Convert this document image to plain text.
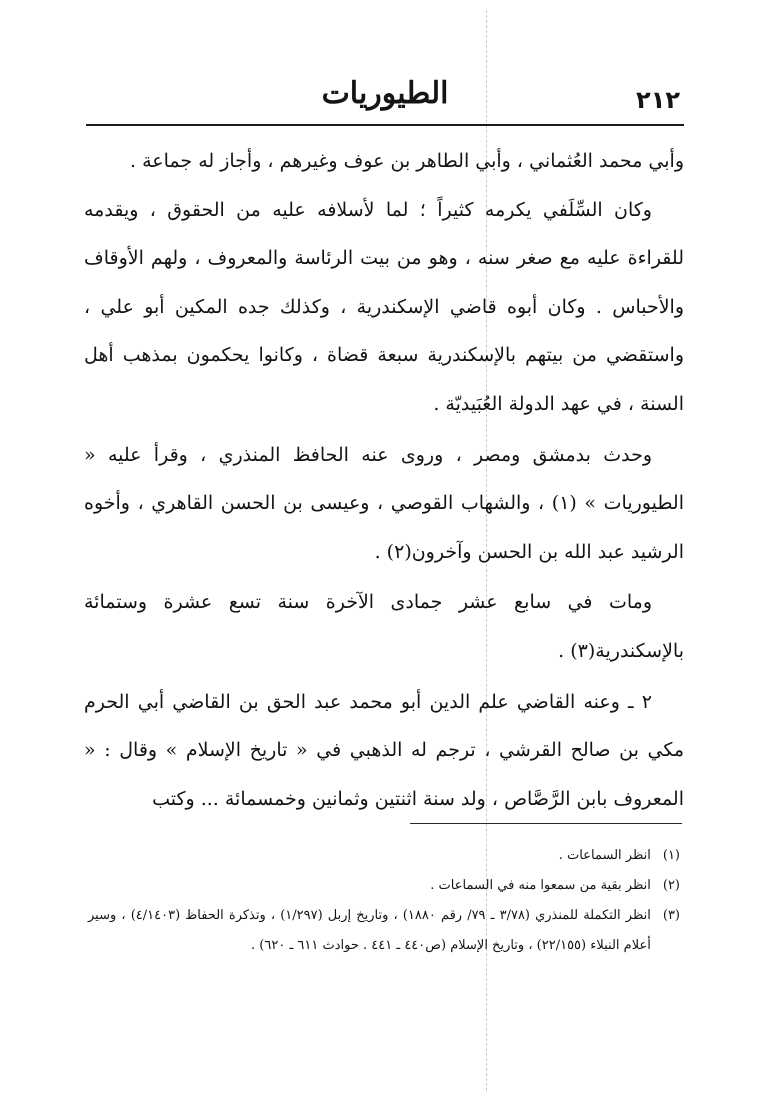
٢١٢
الطيوريات

وأبي محمد العُثماني ، وأبي الطاهر بن عوف وغيرهم ، وأجاز له جماعة .

وكان السِّلَفي يكرمه كثيراً ؛ لما لأسلافه عليه من الحقوق ، ويقدمه للقراءة عليه مع صغر سنه ، وهو من بيت الرئاسة والمعروف ، ولهم الأوقاف والأحباس . وكان أبوه قاضي الإسكندرية ، وكذلك جده المكين أبو علي ، واستقضي من بيتهم بالإسكندرية سبعة قضاة ، وكانوا يحكمون بمذهب أهل السنة ، في عهد الدولة العُبَيديّة .

وحدث بدمشق ومصر ، وروى عنه الحافظ المنذري ، وقرأ عليه « الطيوريات » (١) ، والشهاب القوصي ، وعيسى بن الحسن القاهري ، وأخوه الرشيد عبد الله بن الحسن وآخرون(٢) .

ومات في سابع عشر جمادى الآخرة سنة تسع عشرة وستمائة بالإسكندرية(٣) .

٢ ـ وعنه القاضي علم الدين أبو محمد عبد الحق بن القاضي أبي الحرم مكي بن صالح القرشي ، ترجم له الذهبي في « تاريخ الإسلام » وقال : « المعروف بابن الرَّصَّاص ، ولد سنة اثنتين وثمانين وخمسمائة ... وكتب

(١)
انظر السماعات .
(٢)
انظر بقية من سمعوا منه في السماعات .
(٣)
انظر التكملة للمنذري (٣/٧٨ ـ ٧٩/ رقم ١٨٨٠) ، وتاريخ إربل (١/٢٩٧) ، وتذكرة الحفاظ (٤/١٤٠٣) ، وسير أعلام النبلاء (٢٢/١٥٥) ، وتاريخ الإسلام (ص٤٤٠ ـ ٤٤١ . حوادث ٦١١ ـ ٦٢٠) .
